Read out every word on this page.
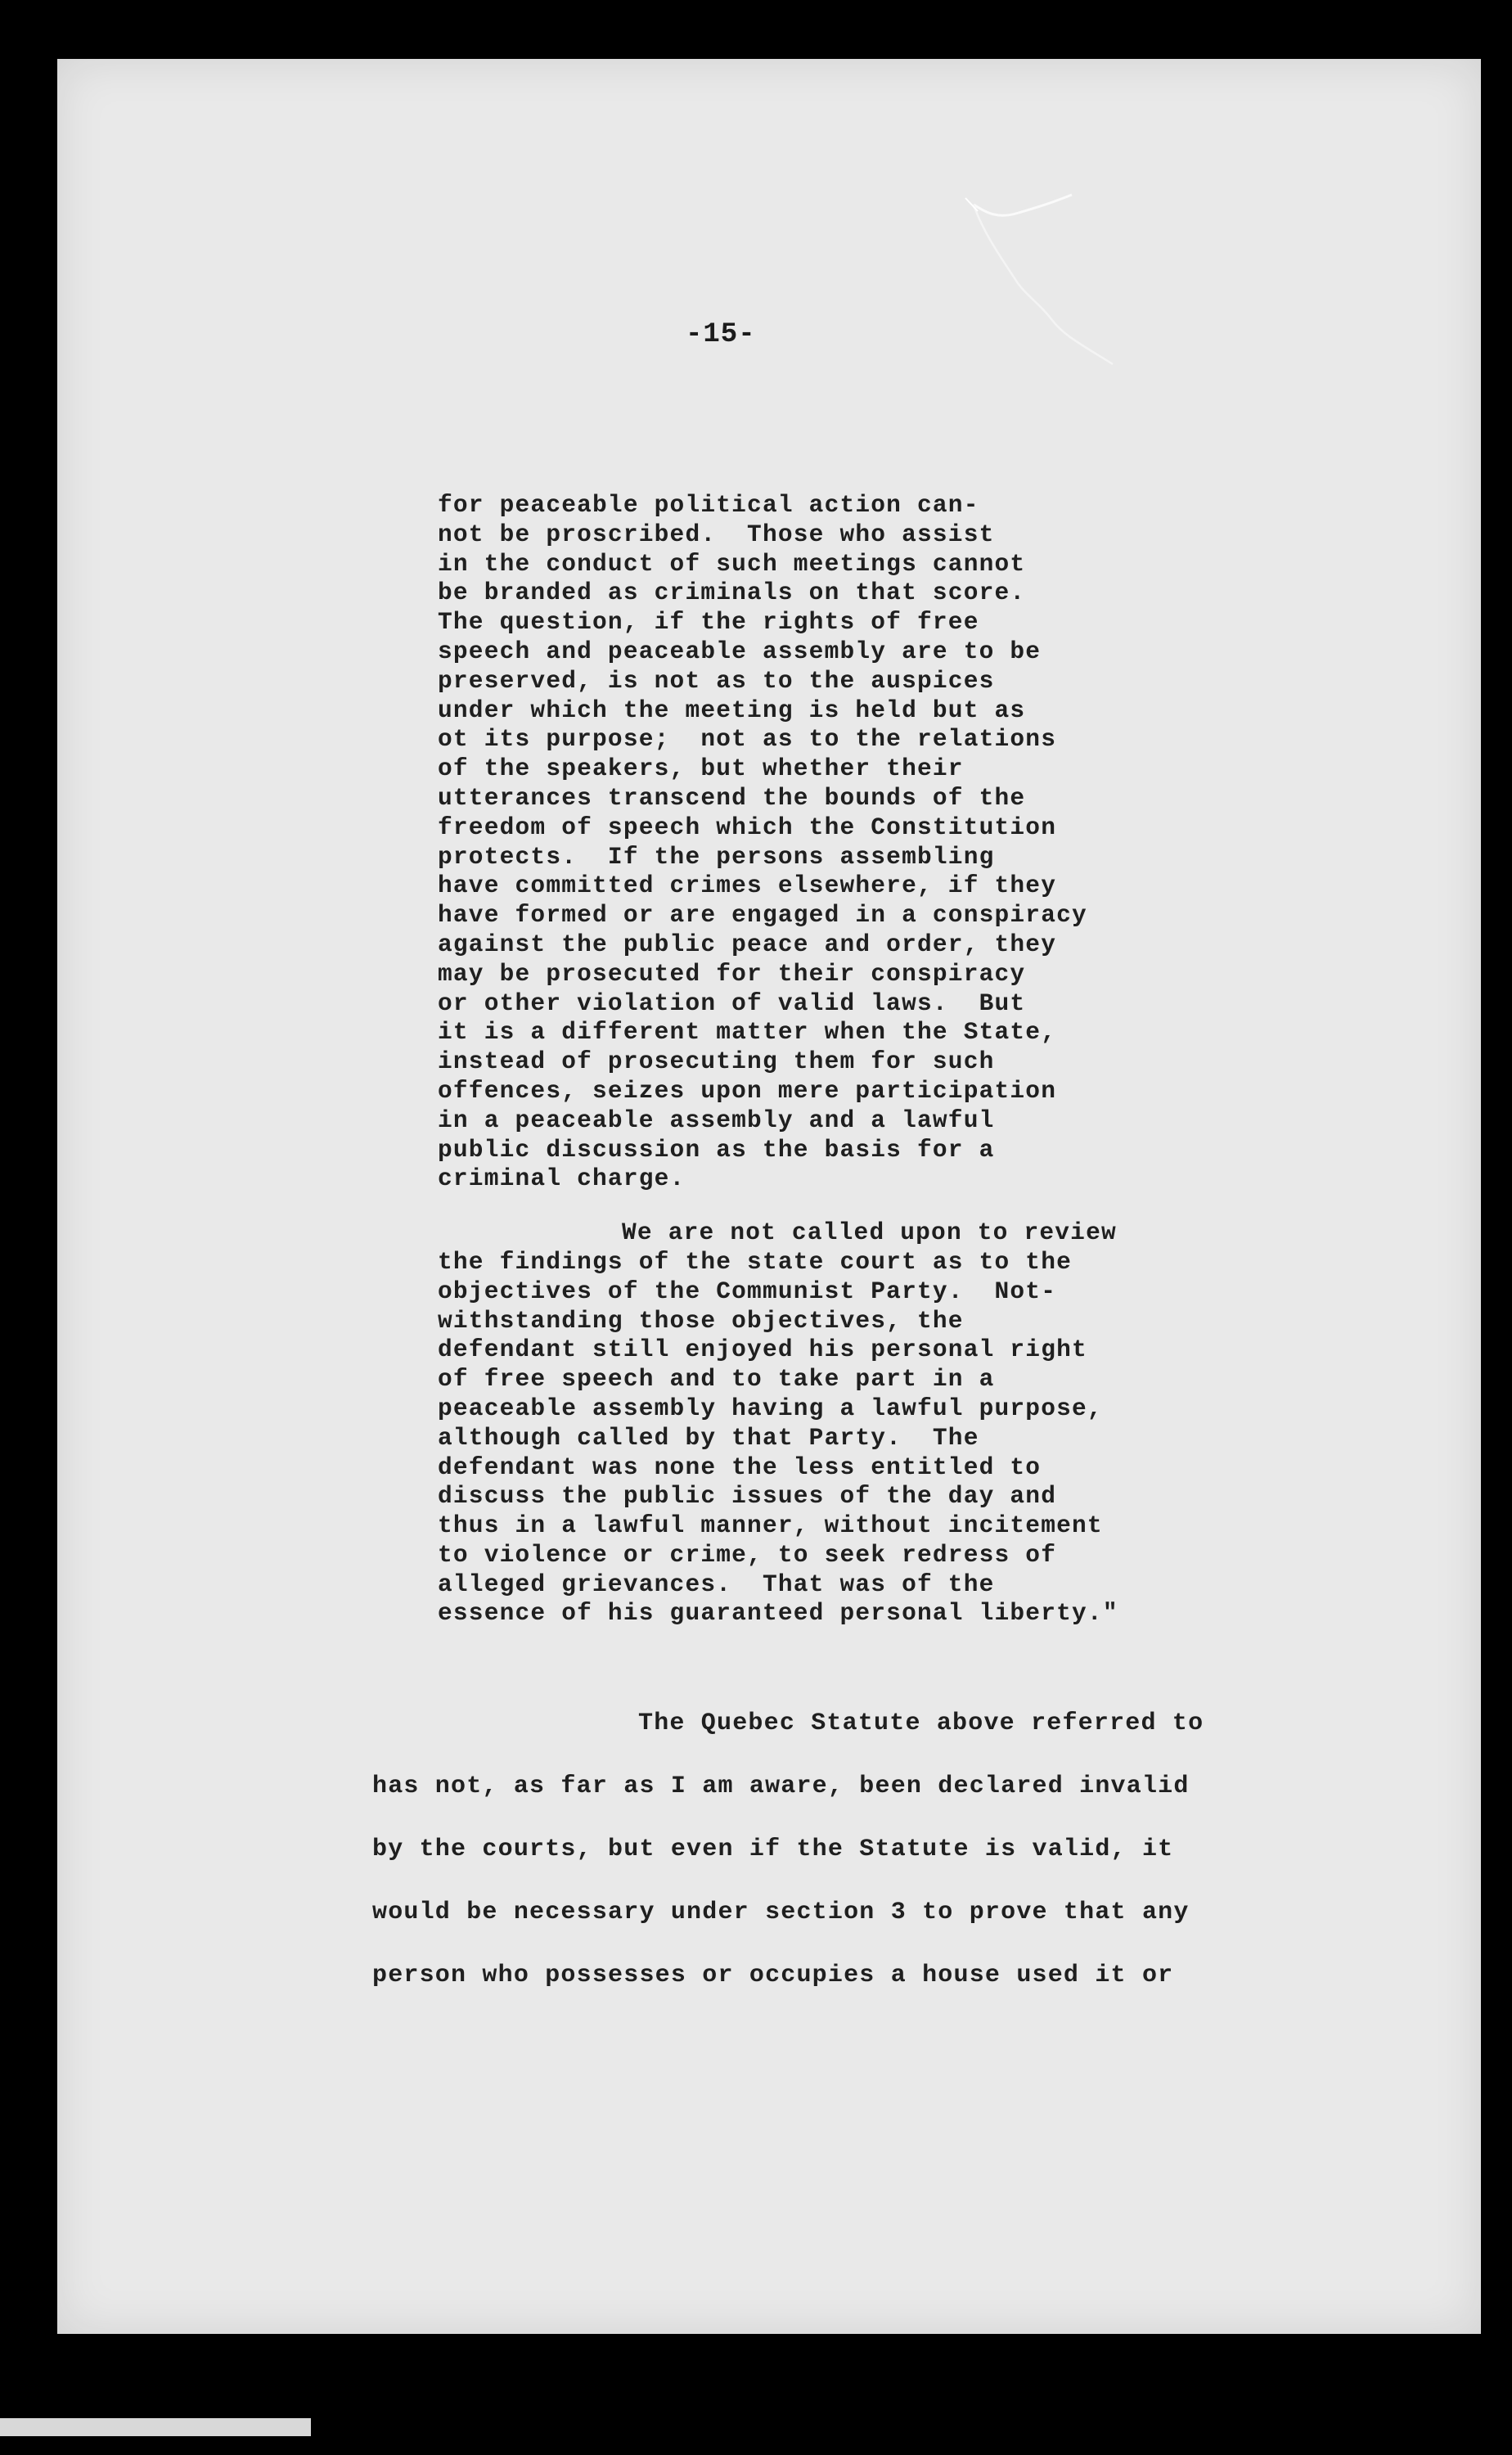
-15-
for peaceable political action can-
not be proscribed.  Those who assist
in the conduct of such meetings cannot
be branded as criminals on that score.
The question, if the rights of free
speech and peaceable assembly are to be
preserved, is not as to the auspices
under which the meeting is held but as
ot its purpose;  not as to the relations
of the speakers, but whether their
utterances transcend the bounds of the
freedom of speech which the Constitution
protects.  If the persons assembling
have committed crimes elsewhere, if they
have formed or are engaged in a conspiracy
against the public peace and order, they
may be prosecuted for their conspiracy
or other violation of valid laws.  But
it is a different matter when the State,
instead of prosecuting them for such
offences, seizes upon mere participation
in a peaceable assembly and a lawful
public discussion as the basis for a
criminal charge.
We are not called upon to review
the findings of the state court as to the
objectives of the Communist Party.  Not-
withstanding those objectives, the
defendant still enjoyed his personal right
of free speech and to take part in a
peaceable assembly having a lawful purpose,
although called by that Party.  The
defendant was none the less entitled to
discuss the public issues of the day and
thus in a lawful manner, without incitement
to violence or crime, to seek redress of
alleged grievances.  That was of the
essence of his guaranteed personal liberty."
The Quebec Statute above referred to
has not, as far as I am aware, been declared invalid
by the courts, but even if the Statute is valid, it
would be necessary under section 3 to prove that any
person who possesses or occupies a house used it or
